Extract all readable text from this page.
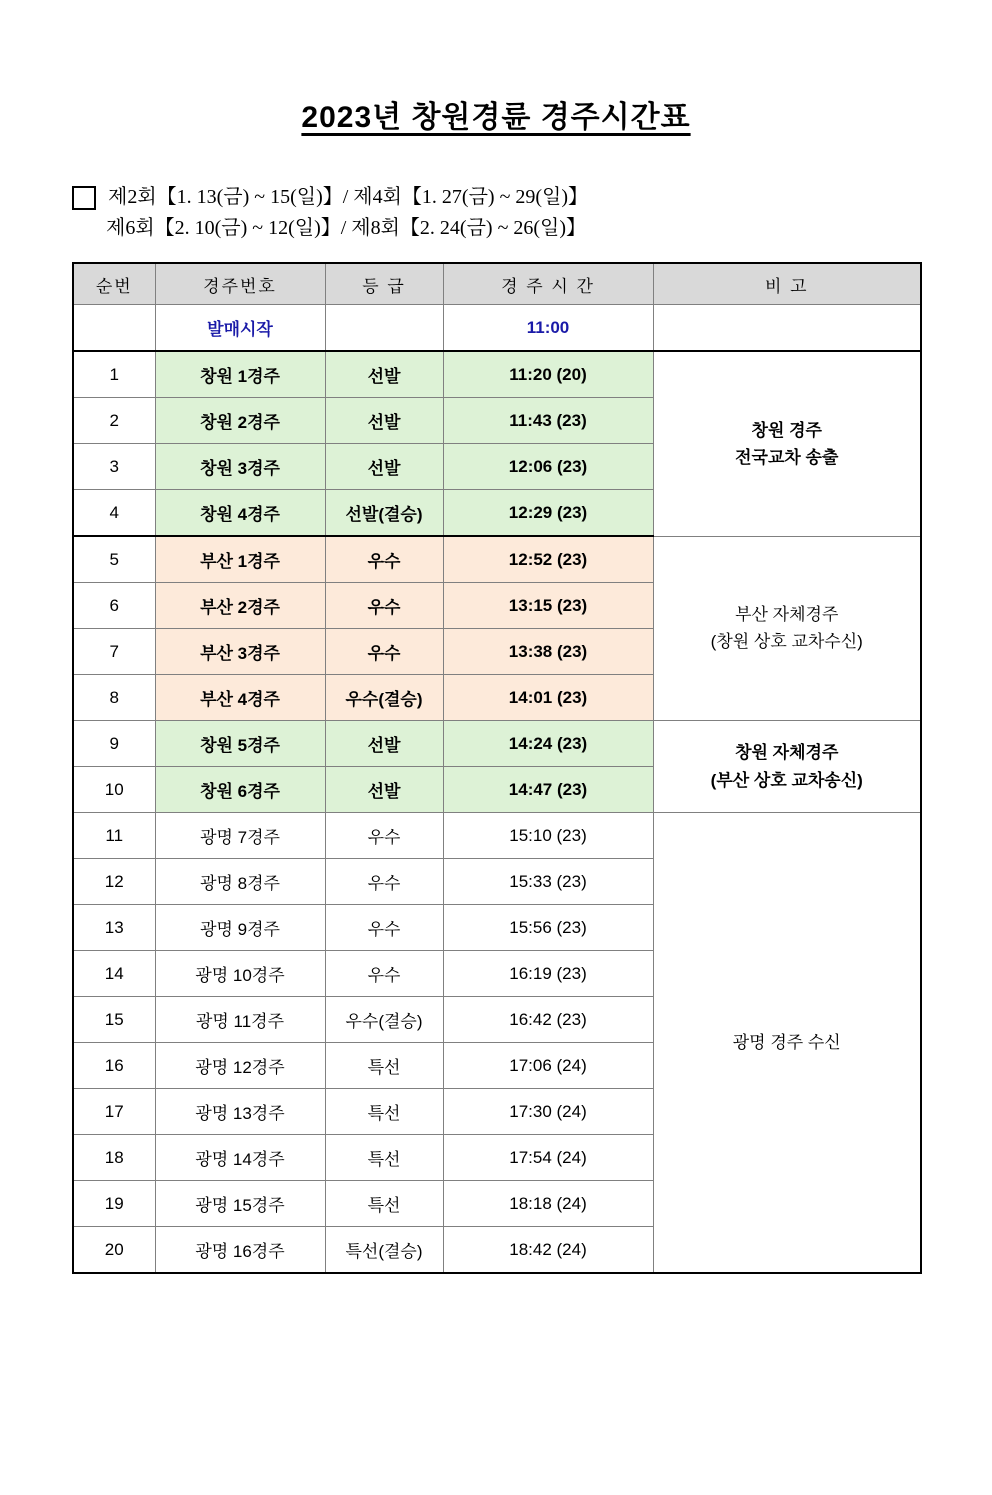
2023년 창원경륜 경주시간표
제2회【1. 13(금) ~ 15(일)】/ 제4회【1. 27(금) ~ 29(일)】
제6회【2. 10(금) ~ 12(일)】/ 제8회【2. 24(금) ~ 26(일)】
순번	경주번호	등 급	경 주 시 간	비 고
	발매시작		11:00	
1	창원 1경주	선발	11:20 (20)	창원 경주
전국교차 송출

2	창원 2경주	선발	11:43 (23)	
3	창원 3경주	선발	12:06 (23)	
4	창원 4경주	선발(결승)	12:29 (23)	
5	부산 1경주	우수	12:52 (23)	부산 자체경주
(창원 상호 교차수신)

6	부산 2경주	우수	13:15 (23)	
7	부산 3경주	우수	13:38 (23)	
8	부산 4경주	우수(결승)	14:01 (23)	
9	창원 5경주	선발	14:24 (23)	창원 자체경주
(부산 상호 교차송신)

10	창원 6경주	선발	14:47 (23)	
11	광명 7경주	우수	15:10 (23)	광명 경주 수신
12	광명 8경주	우수	15:33 (23)	
13	광명 9경주	우수	15:56 (23)	
14	광명 10경주	우수	16:19 (23)	
15	광명 11경주	우수(결승)	16:42 (23)	
16	광명 12경주	특선	17:06 (24)	
17	광명 13경주	특선	17:30 (24)	
18	광명 14경주	특선	17:54 (24)	
19	광명 15경주	특선	18:18 (24)	
20	광명 16경주	특선(결승)	18:42 (24)	
